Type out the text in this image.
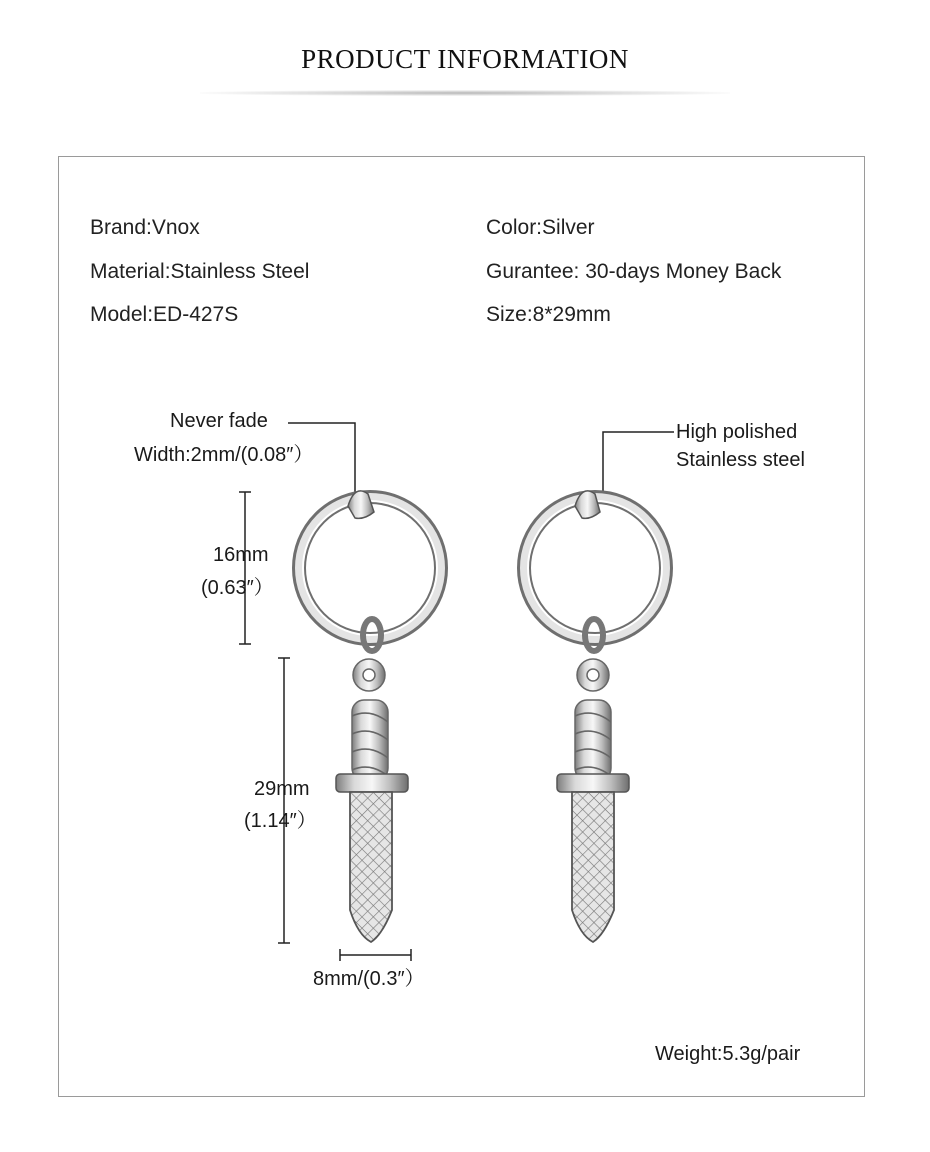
PRODUCT INFORMATION
Brand:Vnox
Material:Stainless Steel
Model:ED-427S
Color:Silver
Gurantee: 30-days Money Back
Size:8*29mm
Never fade
Width:2mm/(0.08″）
16mm
(0.63″）
29mm
(1.14″）
8mm/(0.3″）
High polished
Stainless steel
Weight:5.3g/pair
